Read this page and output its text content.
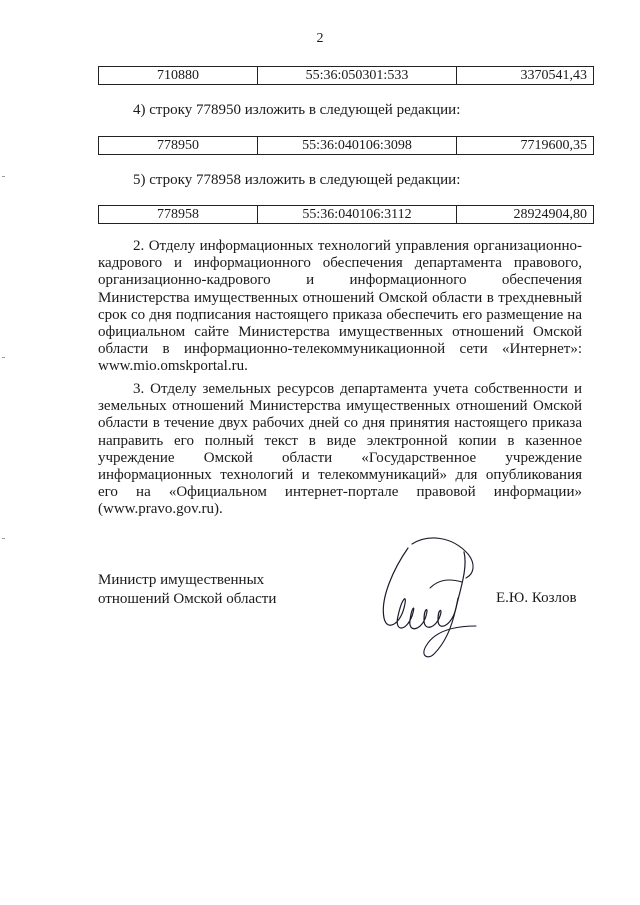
2
710880	55:36:050301:533	3370541,43
4) строку 778950 изложить в следующей редакции:
778950	55:36:040106:3098	7719600,35
5) строку 778958 изложить в следующей редакции:
778958	55:36:040106:3112	28924904,80

2. Отделу информационных технологий управления организационно-кадрового и информационного обеспечения департамента правового, организационно-кадрового и информационного обеспечения Министерства имущественных отношений Омской области в трехдневный срок со дня подписания настоящего приказа обеспечить его размещение на официальном сайте Министерства имущественных отношений Омской области в информационно-телекоммуникационной сети «Интернет»: www.mio.omskportal.ru.

3. Отделу земельных ресурсов департамента учета собственности и земельных отношений Министерства имущественных отношений Омской области в течение двух рабочих дней со дня принятия настоящего приказа направить его полный текст в виде электронной копии в казенное учреждение Омской области «Государственное учреждение информационных технологий и телекоммуникаций» для опубликования его на «Официальном интернет-портале правовой информации» (www.pravo.gov.ru).

Министр имущественных
отношений Омской области	Е.Ю. Козлов
